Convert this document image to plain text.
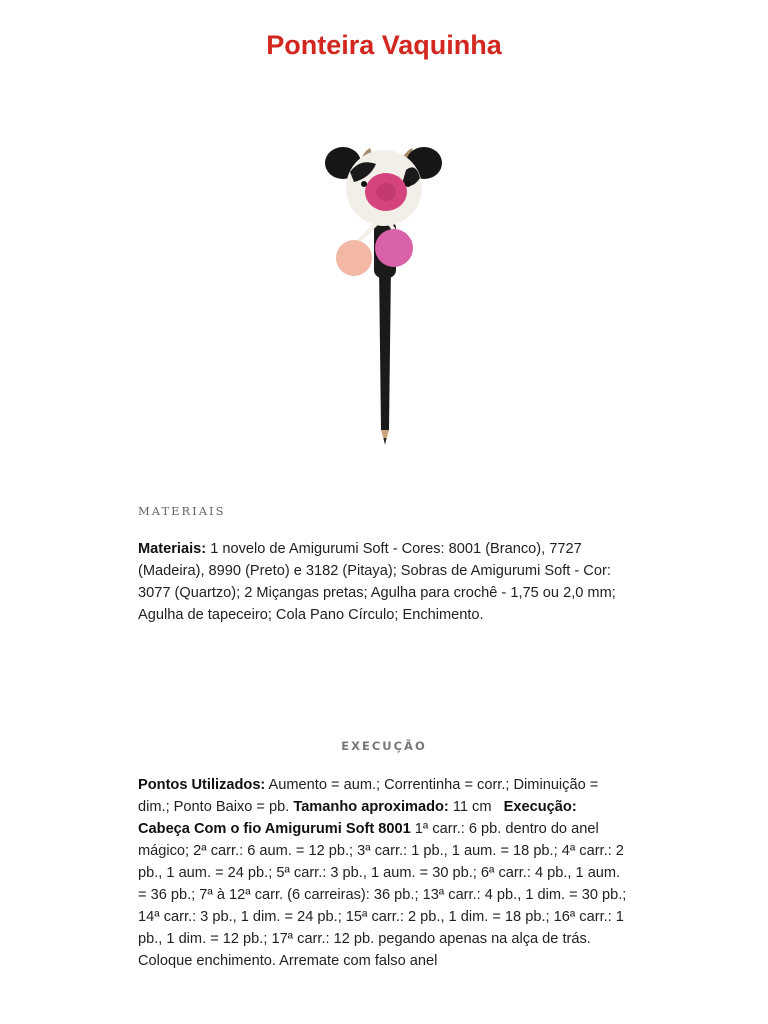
Ponteira Vaquinha
MATERIAIS

Materiais: 1 novelo de Amigurumi Soft - Cores: 8001 (Branco), 7727 (Madeira), 8990 (Preto) e 3182 (Pitaya); Sobras de Amigurumi Soft - Cor: 3077 (Quartzo); 2 Miçangas pretas; Agulha para crochê - 1,75 ou 2,0 mm; Agulha de tapeceiro; Cola Pano Círculo; Enchimento.

EXECUÇÃO

Pontos Utilizados: Aumento = aum.; Correntinha = corr.; Diminuição = dim.; Ponto Baixo = pb. Tamanho aproximado: 11 cm   Execução: Cabeça Com o fio Amigurumi Soft 8001 1ª carr.: 6 pb. dentro do anel mágico; 2ª carr.: 6 aum. = 12 pb.; 3ª carr.: 1 pb., 1 aum. = 18 pb.; 4ª carr.: 2 pb., 1 aum. = 24 pb.; 5ª carr.: 3 pb., 1 aum. = 30 pb.; 6ª carr.: 4 pb., 1 aum. = 36 pb.; 7ª à 12ª carr. (6 carreiras): 36 pb.; 13ª carr.: 4 pb., 1 dim. = 30 pb.; 14ª carr.: 3 pb., 1 dim. = 24 pb.; 15ª carr.: 2 pb., 1 dim. = 18 pb.; 16ª carr.: 1 pb., 1 dim. = 12 pb.; 17ª carr.: 12 pb. pegando apenas na alça de trás. Coloque enchimento. Arremate com falso anel
